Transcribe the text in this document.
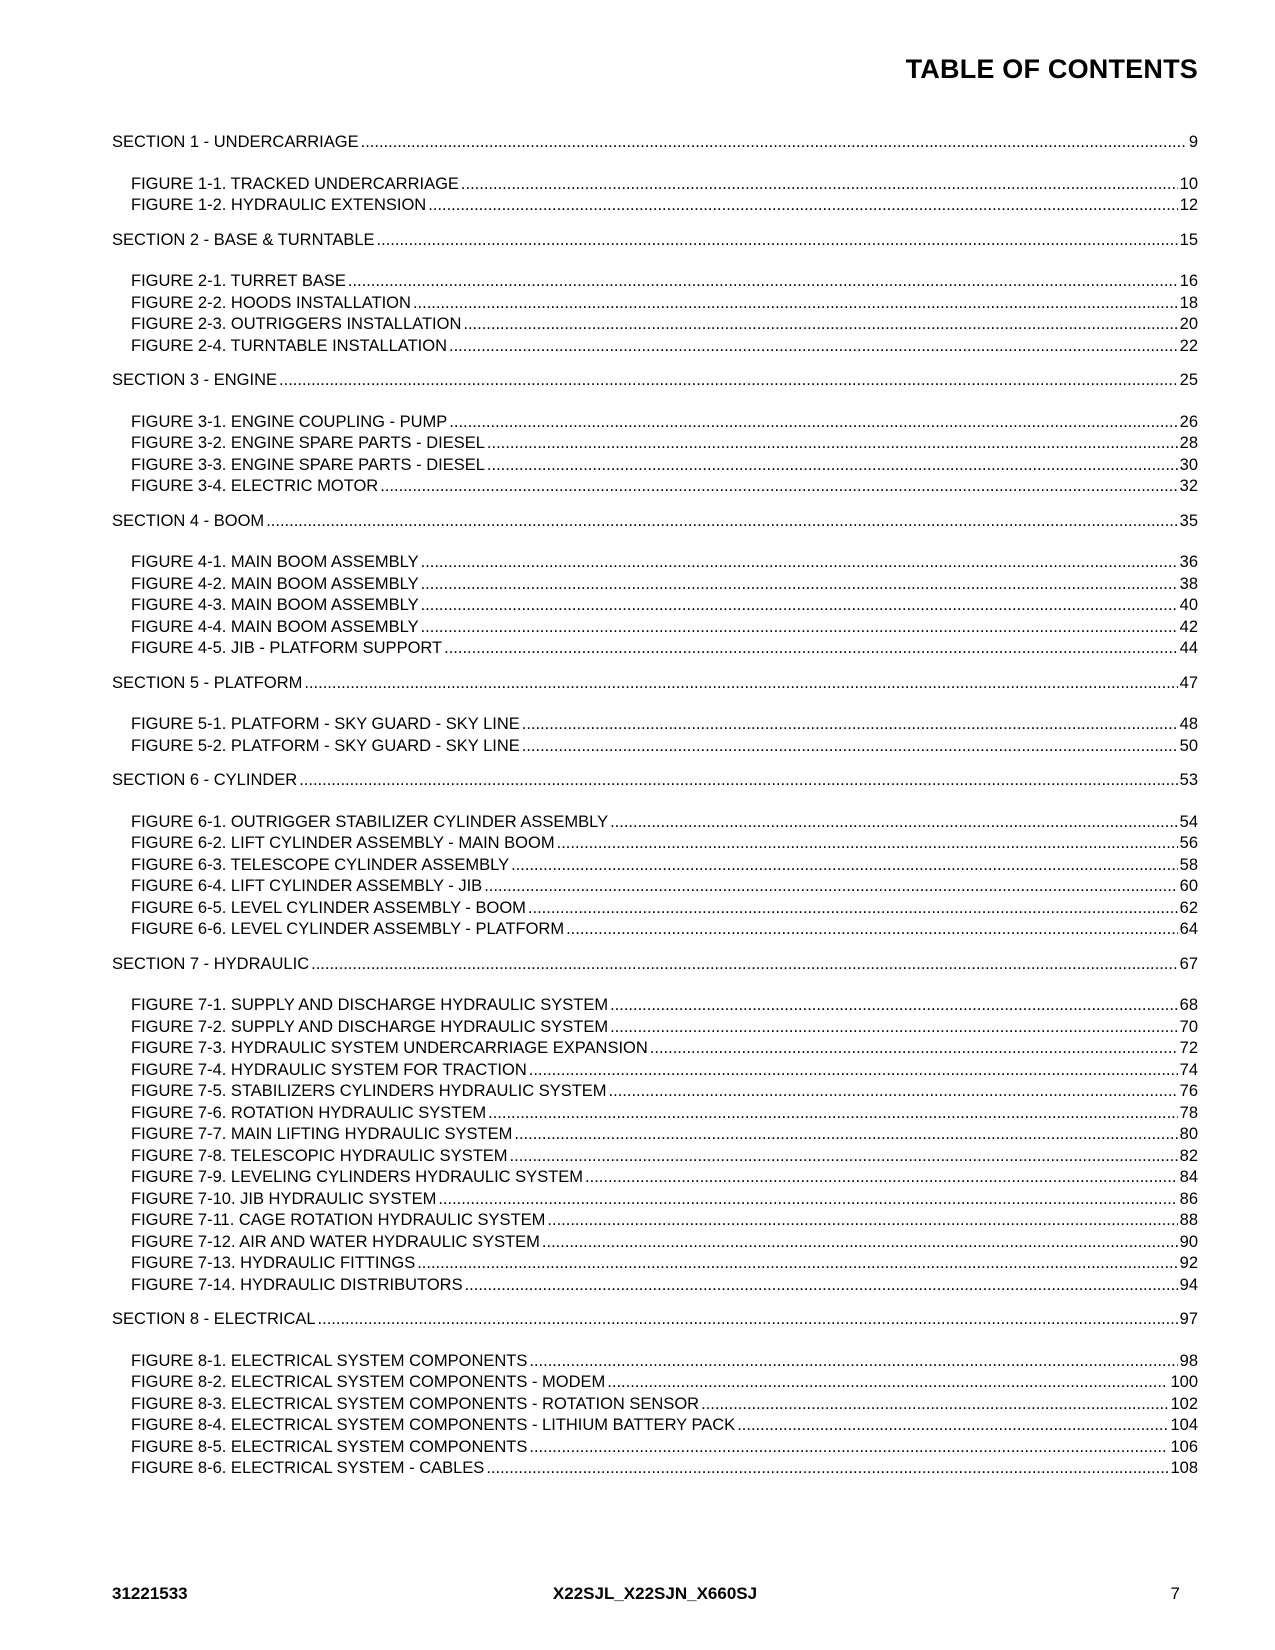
TABLE OF CONTENTS
SECTION 1 - UNDERCARRIAGE .....	9
FIGURE 1-1. TRACKED UNDERCARRIAGE .....	10
FIGURE 1-2. HYDRAULIC EXTENSION .....	12
SECTION 2 - BASE & TURNTABLE .....	15
FIGURE 2-1. TURRET BASE .....	16
FIGURE 2-2. HOODS INSTALLATION .....	18
FIGURE 2-3. OUTRIGGERS INSTALLATION .....	20
FIGURE 2-4. TURNTABLE INSTALLATION .....	22
SECTION 3 - ENGINE .....	25
FIGURE 3-1. ENGINE COUPLING - PUMP .....	26
FIGURE 3-2. ENGINE SPARE PARTS - DIESEL .....	28
FIGURE 3-3. ENGINE SPARE PARTS - DIESEL .....	30
FIGURE 3-4. ELECTRIC MOTOR .....	32
SECTION 4 - BOOM .....	35
FIGURE 4-1. MAIN BOOM ASSEMBLY .....	36
FIGURE 4-2. MAIN BOOM ASSEMBLY .....	38
FIGURE 4-3. MAIN BOOM ASSEMBLY .....	40
FIGURE 4-4. MAIN BOOM ASSEMBLY .....	42
FIGURE 4-5. JIB - PLATFORM SUPPORT .....	44
SECTION 5 - PLATFORM .....	47
FIGURE 5-1. PLATFORM - SKY GUARD - SKY LINE .....	48
FIGURE 5-2. PLATFORM - SKY GUARD - SKY LINE .....	50
SECTION 6 - CYLINDER .....	53
FIGURE 6-1. OUTRIGGER STABILIZER CYLINDER ASSEMBLY .....	54
FIGURE 6-2. LIFT CYLINDER ASSEMBLY - MAIN BOOM .....	56
FIGURE 6-3. TELESCOPE CYLINDER ASSEMBLY .....	58
FIGURE 6-4. LIFT CYLINDER ASSEMBLY - JIB .....	60
FIGURE 6-5. LEVEL CYLINDER ASSEMBLY - BOOM .....	62
FIGURE 6-6. LEVEL CYLINDER ASSEMBLY - PLATFORM .....	64
SECTION 7 - HYDRAULIC .....	67
FIGURE 7-1. SUPPLY AND DISCHARGE HYDRAULIC SYSTEM .....	68
FIGURE 7-2. SUPPLY AND DISCHARGE HYDRAULIC SYSTEM .....	70
FIGURE 7-3. HYDRAULIC SYSTEM UNDERCARRIAGE EXPANSION .....	72
FIGURE 7-4. HYDRAULIC SYSTEM FOR TRACTION .....	74
FIGURE 7-5. STABILIZERS CYLINDERS HYDRAULIC SYSTEM .....	76
FIGURE 7-6. ROTATION HYDRAULIC SYSTEM .....	78
FIGURE 7-7. MAIN LIFTING HYDRAULIC SYSTEM .....	80
FIGURE 7-8. TELESCOPIC HYDRAULIC SYSTEM .....	82
FIGURE 7-9. LEVELING CYLINDERS HYDRAULIC SYSTEM .....	84
FIGURE 7-10. JIB HYDRAULIC SYSTEM .....	86
FIGURE 7-11. CAGE ROTATION HYDRAULIC SYSTEM .....	88
FIGURE 7-12. AIR AND WATER HYDRAULIC SYSTEM .....	90
FIGURE 7-13. HYDRAULIC FITTINGS .....	92
FIGURE 7-14. HYDRAULIC DISTRIBUTORS .....	94
SECTION 8 - ELECTRICAL .....	97
FIGURE 8-1. ELECTRICAL SYSTEM COMPONENTS .....	98
FIGURE 8-2. ELECTRICAL SYSTEM COMPONENTS - MODEM .....	100
FIGURE 8-3. ELECTRICAL SYSTEM COMPONENTS - ROTATION SENSOR .....	102
FIGURE 8-4. ELECTRICAL SYSTEM COMPONENTS - LITHIUM BATTERY PACK .....	104
FIGURE 8-5. ELECTRICAL SYSTEM COMPONENTS .....	106
FIGURE 8-6. ELECTRICAL SYSTEM - CABLES .....	108
31221533	X22SJL_X22SJN_X660SJ	7
